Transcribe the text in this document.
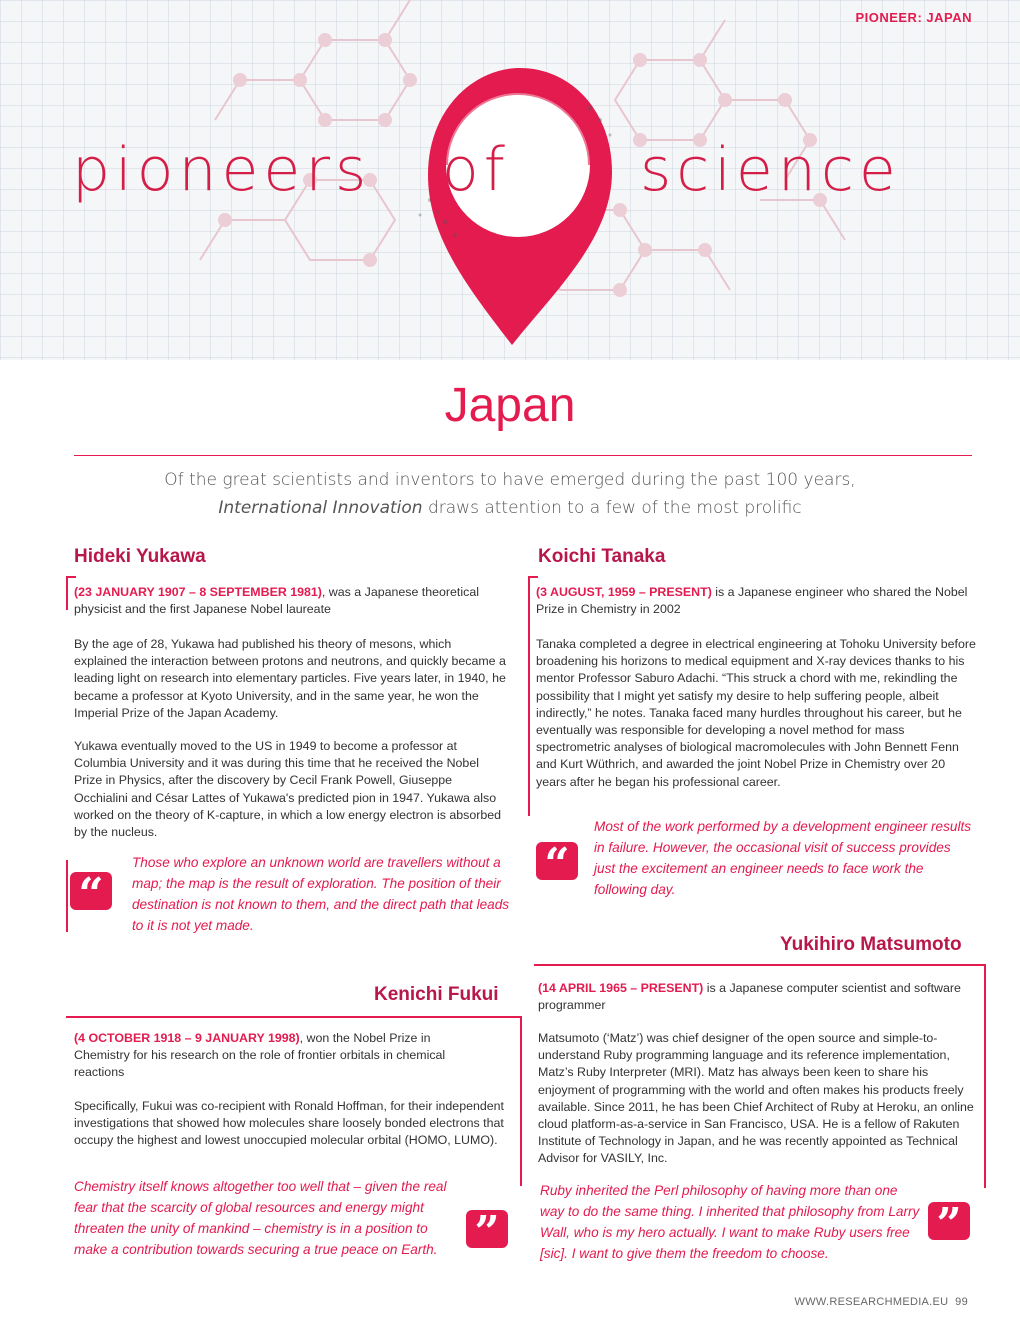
PIONEER: JAPAN
pioneers of science
Japan
Of the great scientists and inventors to have emerged during the past 100 years,
International Innovation draws attention to a few of the most prolific
Hideki Yukawa
(23 JANUARY 1907 – 8 SEPTEMBER 1981), was a Japanese theoretical physicist and the first Japanese Nobel laureate
By the age of 28, Yukawa had published his theory of mesons, which explained the interaction between protons and neutrons, and quickly became a leading light on research into elementary particles. Five years later, in 1940, he became a professor at Kyoto University, and in the same year, he won the Imperial Prize of the Japan Academy.
Yukawa eventually moved to the US in 1949 to become a professor at Columbia University and it was during this time that he received the Nobel Prize in Physics, after the discovery by Cecil Frank Powell, Giuseppe Occhialini and César Lattes of Yukawa's predicted pion in 1947. Yukawa also worked on the theory of K-capture, in which a low energy electron is absorbed by the nucleus.
“
Those who explore an unknown world are travellers without a map; the map is the result of exploration. The position of their destination is not known to them, and the direct path that leads to it is not yet made.
Koichi Tanaka
(3 AUGUST, 1959 – PRESENT) is a Japanese engineer who shared the Nobel Prize in Chemistry in 2002
Tanaka completed a degree in electrical engineering at Tohoku University before broadening his horizons to medical equipment and X-ray devices thanks to his mentor Professor Saburo Adachi. “This struck a chord with me, rekindling the possibility that I might yet satisfy my desire to help suffering people, albeit indirectly,” he notes. Tanaka faced many hurdles throughout his career, but he eventually was responsible for developing a novel method for mass spectrometric analyses of biological macromolecules with John Bennett Fenn and Kurt Wüthrich, and awarded the joint Nobel Prize in Chemistry over 20 years after he began his professional career.
“
Most of the work performed by a development engineer results in failure. However, the occasional visit of success provides just the excitement an engineer needs to face work the following day.
Yukihiro Matsumoto
(14 APRIL 1965 – PRESENT) is a Japanese computer scientist and software programmer
Matsumoto (‘Matz’) was chief designer of the open source and simple-to-understand Ruby programming language and its reference implementation, Matz’s Ruby Interpreter (MRI). Matz has always been keen to share his enjoyment of programming with the world and often makes his products freely available. Since 2011, he has been Chief Architect of Ruby at Heroku, an online cloud platform-as-a-service in San Francisco, USA. He is a fellow of Rakuten Institute of Technology in Japan, and he was recently appointed as Technical Advisor for VASILY, Inc.
Ruby inherited the Perl philosophy of having more than one way to do the same thing. I inherited that philosophy from Larry Wall, who is my hero actually. I want to make Ruby users free [sic]. I want to give them the freedom to choose.
”
Kenichi Fukui
(4 OCTOBER 1918 – 9 JANUARY 1998), won the Nobel Prize in Chemistry for his research on the role of frontier orbitals in chemical reactions
Specifically, Fukui was co-recipient with Ronald Hoffman, for their independent investigations that showed how molecules share loosely bonded electrons that occupy the highest and lowest unoccupied molecular orbital (HOMO, LUMO).
Chemistry itself knows altogether too well that – given the real fear that the scarcity of global resources and energy might threaten the unity of mankind – chemistry is in a position to make a contribution towards securing a true peace on Earth. ”
WWW.RESEARCHMEDIA.EU 99
